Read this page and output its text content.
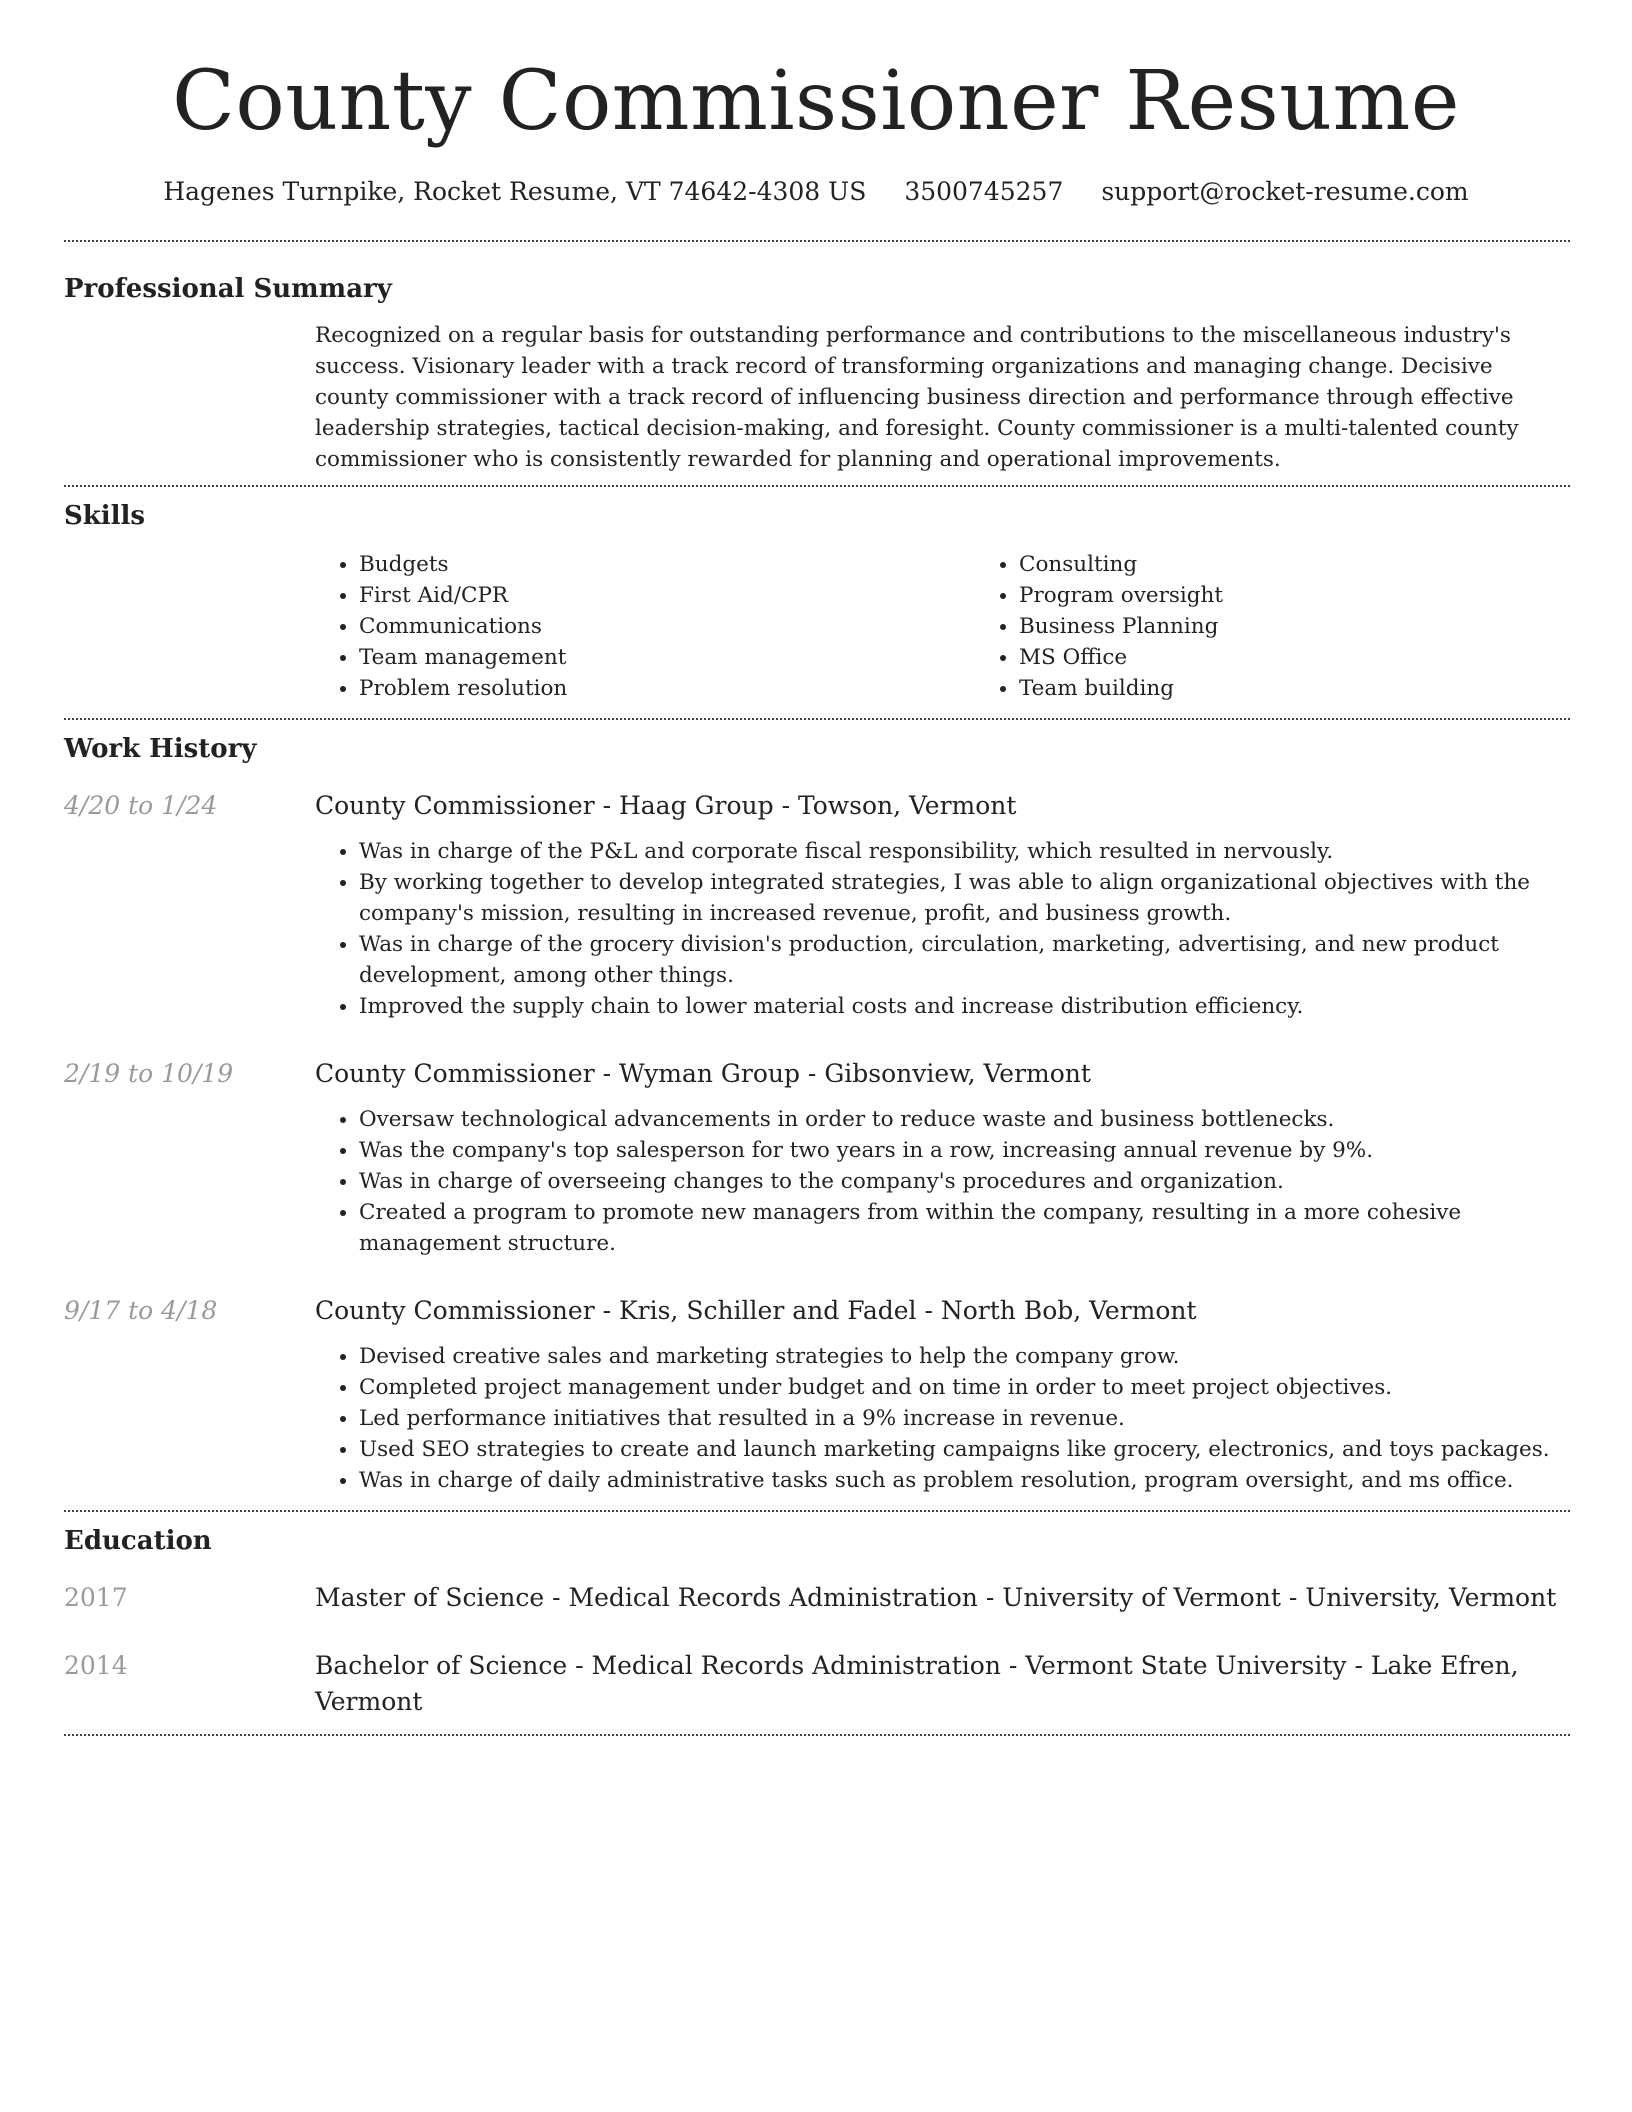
County Commissioner Resume
Hagenes Turnpike, Rocket Resume, VT 74642-4308 US 3500745257 support@rocket-resume.com
Professional Summary

Recognized on a regular basis for outstanding performance and contributions to the miscellaneous industry's success. Visionary leader with a track record of transforming organizations and managing change. Decisive county commissioner with a track record of influencing business direction and performance through effective leadership strategies, tactical decision-making, and foresight. County commissioner is a multi-talented county commissioner who is consistently rewarded for planning and operational improvements.

Skills
• Budgets
• First Aid/CPR
• Communications
• Team management
• Problem resolution
• Consulting
• Program oversight
• Business Planning
• MS Office
• Team building
Work History
4/20 to 1/24	County Commissioner - Haag Group - Towson, Vermont
• Was in charge of the P&L and corporate fiscal responsibility, which resulted in nervously.
• By working together to develop integrated strategies, I was able to align organizational objectives with the company's mission, resulting in increased revenue, profit, and business growth.
• Was in charge of the grocery division's production, circulation, marketing, advertising, and new product development, among other things.
• Improved the supply chain to lower material costs and increase distribution efficiency.
2/19 to 10/19	County Commissioner - Wyman Group - Gibsonview, Vermont
• Oversaw technological advancements in order to reduce waste and business bottlenecks.
• Was the company's top salesperson for two years in a row, increasing annual revenue by 9%.
• Was in charge of overseeing changes to the company's procedures and organization.
• Created a program to promote new managers from within the company, resulting in a more cohesive management structure.
9/17 to 4/18	County Commissioner - Kris, Schiller and Fadel - North Bob, Vermont
• Devised creative sales and marketing strategies to help the company grow.
• Completed project management under budget and on time in order to meet project objectives.
• Led performance initiatives that resulted in a 9% increase in revenue.
• Used SEO strategies to create and launch marketing campaigns like grocery, electronics, and toys packages.
• Was in charge of daily administrative tasks such as problem resolution, program oversight, and ms office.
Education
2017	Master of Science - Medical Records Administration - University of Vermont - University, Vermont
2014	Bachelor of Science - Medical Records Administration - Vermont State University - Lake Efren, Vermont
